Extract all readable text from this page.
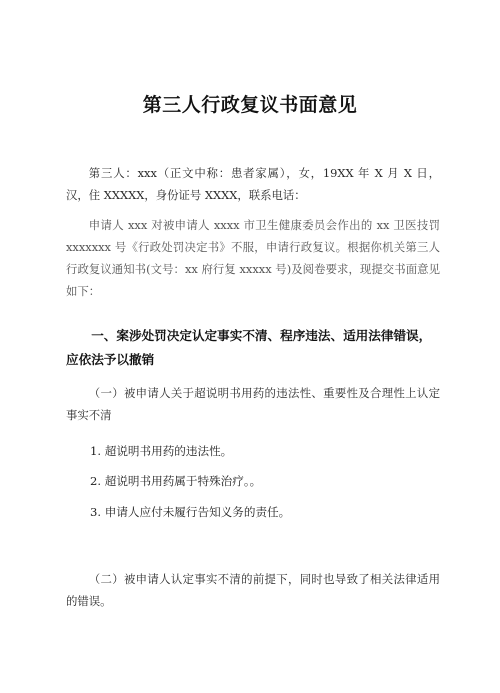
第三人行政复议书面意见
第三人：xxx（正文中称：患者家属），女，19XX 年 X 月 X 日，汉，住 XXXXX，身份证号 XXXX，联系电话：
申请人 xxx 对被申请人 xxxx 市卫生健康委员会作出的 xx 卫医技罚 xxxxxxx 号《行政处罚决定书》不服，申请行政复议。根据你机关第三人行政复议通知书(文号：xx 府行复 xxxxx 号)及阅卷要求，现提交书面意见如下：
一、案涉处罚决定认定事实不清、程序违法、适用法律错误，应依法予以撤销
（一）被申请人关于超说明书用药的违法性、重要性及合理性上认定事实不清
1. 超说明书用药的违法性。
2. 超说明书用药属于特殊治疗。。
3. 申请人应付未履行告知义务的责任。
（二）被申请人认定事实不清的前提下，同时也导致了相关法律适用的错误。
